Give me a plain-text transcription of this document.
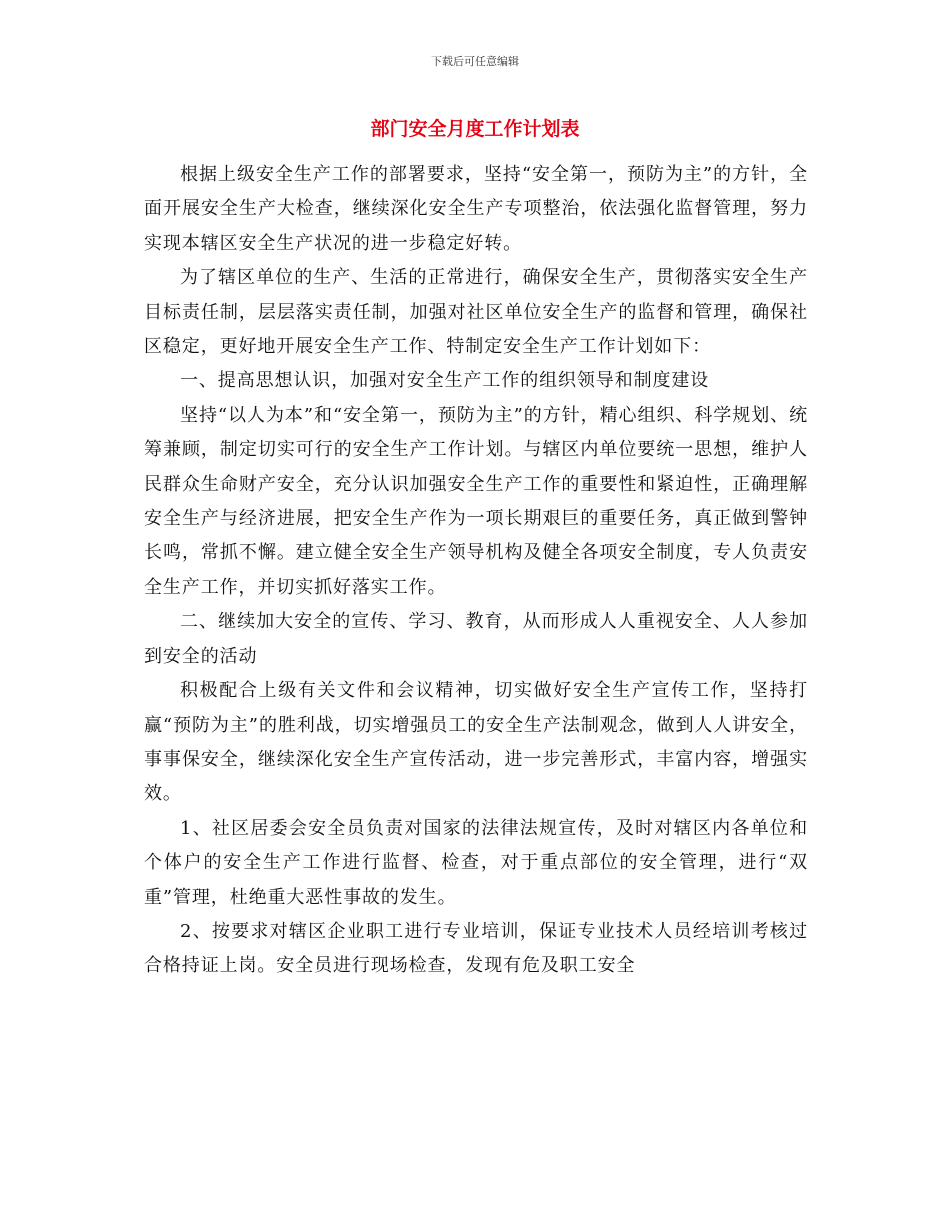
下载后可任意编辑
部门安全月度工作计划表

根据上级安全生产工作的部署要求，坚持“安全第一，预防为主”的方针，全面开展安全生产大检查，继续深化安全生产专项整治，依法强化监督管理，努力实现本辖区安全生产状况的进一步稳定好转。

为了辖区单位的生产、生活的正常进行，确保安全生产，贯彻落实安全生产目标责任制，层层落实责任制，加强对社区单位安全生产的监督和管理，确保社区稳定，更好地开展安全生产工作、特制定安全生产工作计划如下：

一、提高思想认识，加强对安全生产工作的组织领导和制度建设

坚持“以人为本”和“安全第一，预防为主”的方针，精心组织、科学规划、统筹兼顾，制定切实可行的安全生产工作计划。与辖区内单位要统一思想，维护人民群众生命财产安全，充分认识加强安全生产工作的重要性和紧迫性，正确理解安全生产与经济进展，把安全生产作为一项长期艰巨的重要任务，真正做到警钟长鸣，常抓不懈。建立健全安全生产领导机构及健全各项安全制度，专人负责安全生产工作，并切实抓好落实工作。

二、继续加大安全的宣传、学习、教育，从而形成人人重视安全、人人参加到安全的活动

积极配合上级有关文件和会议精神，切实做好安全生产宣传工作，坚持打赢“预防为主”的胜利战，切实增强员工的安全生产法制观念，做到人人讲安全，事事保安全，继续深化安全生产宣传活动，进一步完善形式，丰富内容，增强实效。

1、社区居委会安全员负责对国家的法律法规宣传，及时对辖区内各单位和个体户的安全生产工作进行监督、检查，对于重点部位的安全管理，进行“双重”管理，杜绝重大恶性事故的发生。

2、按要求对辖区企业职工进行专业培训，保证专业技术人员经培训考核过合格持证上岗。安全员进行现场检查，发现有危及职工安全
